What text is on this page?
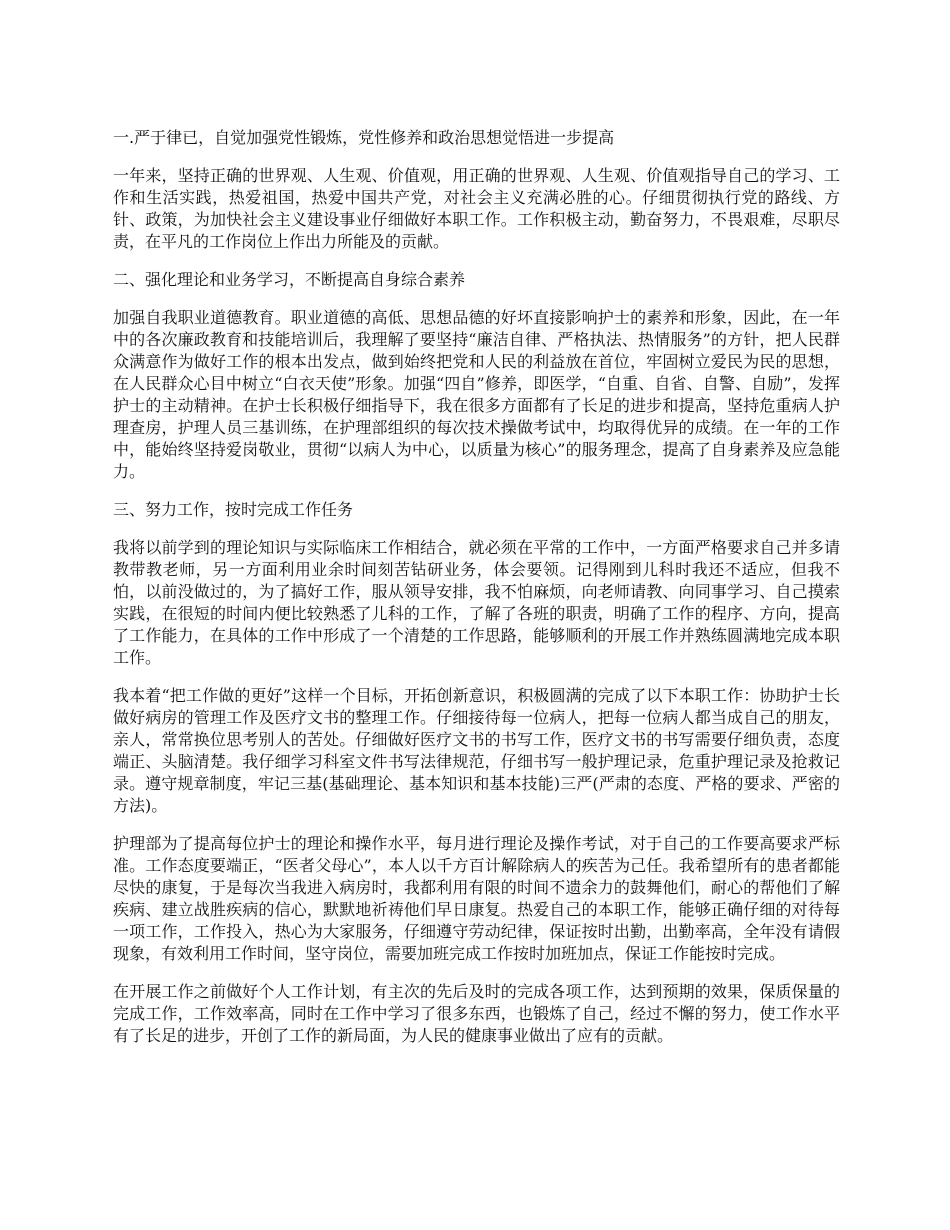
一.严于律已，自觉加强党性锻炼，党性修养和政治思想觉悟进一步提高

一年来，坚持正确的世界观、人生观、价值观，用正确的世界观、人生观、价值观指导自己的学习、工作和生活实践，热爱祖国，热爱中国共产党，对社会主义充满必胜的心。仔细贯彻执行党的路线、方针、政策，为加快社会主义建设事业仔细做好本职工作。工作积极主动，勤奋努力，不畏艰难，尽职尽责，在平凡的工作岗位上作出力所能及的贡献。

二、强化理论和业务学习，不断提高自身综合素养

加强自我职业道德教育。职业道德的高低、思想品德的好坏直接影响护士的素养和形象，因此，在一年中的各次廉政教育和技能培训后，我理解了要坚持“廉洁自律、严格执法、热情服务”的方针，把人民群众满意作为做好工作的根本出发点，做到始终把党和人民的利益放在首位，牢固树立爱民为民的思想，在人民群众心目中树立“白衣天使”形象。加强“四自”修养，即医学，“自重、自省、自警、自励”，发挥护士的主动精神。在护士长积极仔细指导下，我在很多方面都有了长足的进步和提高，坚持危重病人护理查房，护理人员三基训练，在护理部组织的每次技术操做考试中，均取得优异的成绩。在一年的工作中，能始终坚持爱岗敬业，贯彻“以病人为中心，以质量为核心”的服务理念，提高了自身素养及应急能力。

三、努力工作，按时完成工作任务

我将以前学到的理论知识与实际临床工作相结合，就必须在平常的工作中，一方面严格要求自己并多请教带教老师，另一方面利用业余时间刻苦钻研业务，体会要领。记得刚到儿科时我还不适应，但我不怕，以前没做过的，为了搞好工作，服从领导安排，我不怕麻烦，向老师请教、向同事学习、自己摸索实践，在很短的时间内便比较熟悉了儿科的工作，了解了各班的职责，明确了工作的程序、方向，提高了工作能力，在具体的工作中形成了一个清楚的工作思路，能够顺利的开展工作并熟练圆满地完成本职工作。

我本着“把工作做的更好”这样一个目标，开拓创新意识，积极圆满的完成了以下本职工作：协助护士长做好病房的管理工作及医疗文书的整理工作。仔细接待每一位病人，把每一位病人都当成自己的朋友，亲人，常常换位思考别人的苦处。仔细做好医疗文书的书写工作，医疗文书的书写需要仔细负责，态度端正、头脑清楚。我仔细学习科室文件书写法律规范，仔细书写一般护理记录，危重护理记录及抢救记录。遵守规章制度，牢记三基(基础理论、基本知识和基本技能)三严(严肃的态度、严格的要求、严密的方法)。

护理部为了提高每位护士的理论和操作水平，每月进行理论及操作考试，对于自己的工作要高要求严标准。工作态度要端正，“医者父母心”，本人以千方百计解除病人的疾苦为己任。我希望所有的患者都能尽快的康复，于是每次当我进入病房时，我都利用有限的时间不遗余力的鼓舞他们，耐心的帮他们了解疾病、建立战胜疾病的信心，默默地祈祷他们早日康复。热爱自己的本职工作，能够正确仔细的对待每一项工作，工作投入，热心为大家服务，仔细遵守劳动纪律，保证按时出勤，出勤率高，全年没有请假现象，有效利用工作时间，坚守岗位，需要加班完成工作按时加班加点，保证工作能按时完成。

在开展工作之前做好个人工作计划，有主次的先后及时的完成各项工作，达到预期的效果，保质保量的完成工作，工作效率高，同时在工作中学习了很多东西，也锻炼了自己，经过不懈的努力，使工作水平有了长足的进步，开创了工作的新局面，为人民的健康事业做出了应有的贡献。
